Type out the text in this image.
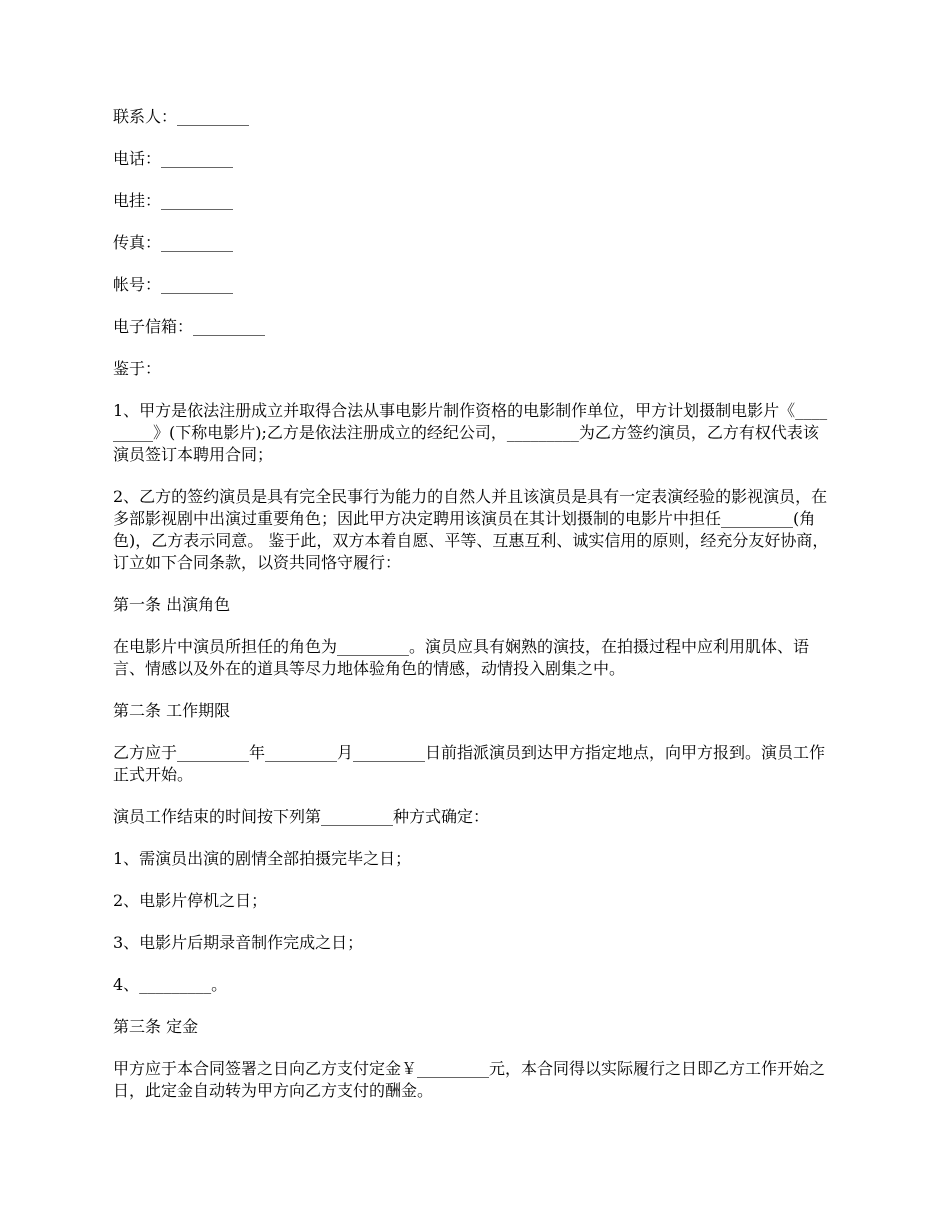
联系人：_________

电话：_________

电挂：_________

传真：_________

帐号：_________

电子信箱：_________

鉴于：

1、甲方是依法注册成立并取得合法从事电影片制作资格的电影制作单位，甲方计划摄制电影片《_________》(下称电影片);乙方是依法注册成立的经纪公司，_________为乙方签约演员，乙方有权代表该演员签订本聘用合同；

2、乙方的签约演员是具有完全民事行为能力的自然人并且该演员是具有一定表演经验的影视演员，在多部影视剧中出演过重要角色；因此甲方决定聘用该演员在其计划摄制的电影片中担任_________(角色)，乙方表示同意。 鉴于此，双方本着自愿、平等、互惠互利、诚实信用的原则，经充分友好协商，订立如下合同条款，以资共同恪守履行：

第一条 出演角色

在电影片中演员所担任的角色为_________。演员应具有娴熟的演技，在拍摄过程中应利用肌体、语言、情感以及外在的道具等尽力地体验角色的情感，动情投入剧集之中。

第二条 工作期限

乙方应于_________年_________月_________日前指派演员到达甲方指定地点，向甲方报到。演员工作正式开始。

演员工作结束的时间按下列第_________种方式确定：

1、需演员出演的剧情全部拍摄完毕之日；

2、电影片停机之日；

3、电影片后期录音制作完成之日；

4、_________。

第三条 定金

甲方应于本合同签署之日向乙方支付定金￥_________元，本合同得以实际履行之日即乙方工作开始之日，此定金自动转为甲方向乙方支付的酬金。
